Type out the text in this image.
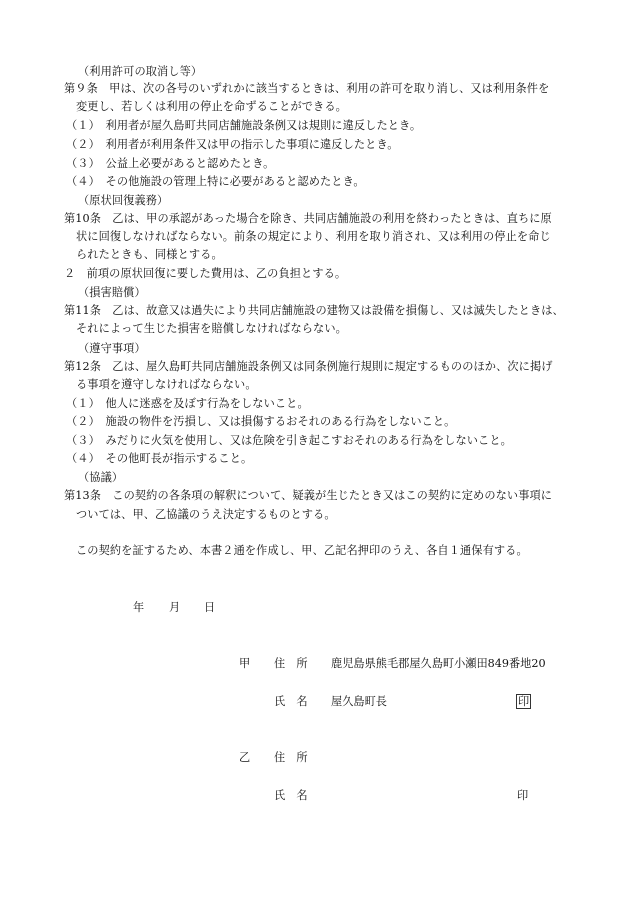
（利用許可の取消し等）
第９条　甲は、次の各号のいずれかに該当するときは、利用の許可を取り消し、又は利用条件を
変更し、若しくは利用の停止を命ずることができる。
（１）　利用者が屋久島町共同店舗施設条例又は規則に違反したとき。
（２）　利用者が利用条件又は甲の指示した事項に違反したとき。
（３）　公益上必要があると認めたとき。
（４）　その他施設の管理上特に必要があると認めたとき。
（原状回復義務）
第10条　乙は、甲の承認があった場合を除き、共同店舗施設の利用を終わったときは、直ちに原
状に回復しなければならない。前条の規定により、利用を取り消され、又は利用の停止を命じ
られたときも、同様とする。
２　前項の原状回復に要した費用は、乙の負担とする。
（損害賠償）
第11条　乙は、故意又は過失により共同店舗施設の建物又は設備を損傷し、又は滅失したときは、
それによって生じた損害を賠償しなければならない。
（遵守事項）
第12条　乙は、屋久島町共同店舗施設条例又は同条例施行規則に規定するもののほか、次に掲げ
る事項を遵守しなければならない。
（１）　他人に迷惑を及ぼす行為をしないこと。
（２）　施設の物件を汚損し、又は損傷するおそれのある行為をしないこと。
（３）　みだりに火気を使用し、又は危険を引き起こすおそれのある行為をしないこと。
（４）　その他町長が指示すること。
（協議）
第13条　この契約の各条項の解釈について、疑義が生じたとき又はこの契約に定めのない事項に
ついては、甲、乙協議のうえ決定するものとする。
この契約を証するため、本書２通を作成し、甲、乙記名押印のうえ、各自１通保有する。
年 月 日
甲 住　所 鹿児島県熊毛郡屋久島町小瀬田849番地20
氏　名 屋久島町長	印
乙 住　所
氏　名	印
